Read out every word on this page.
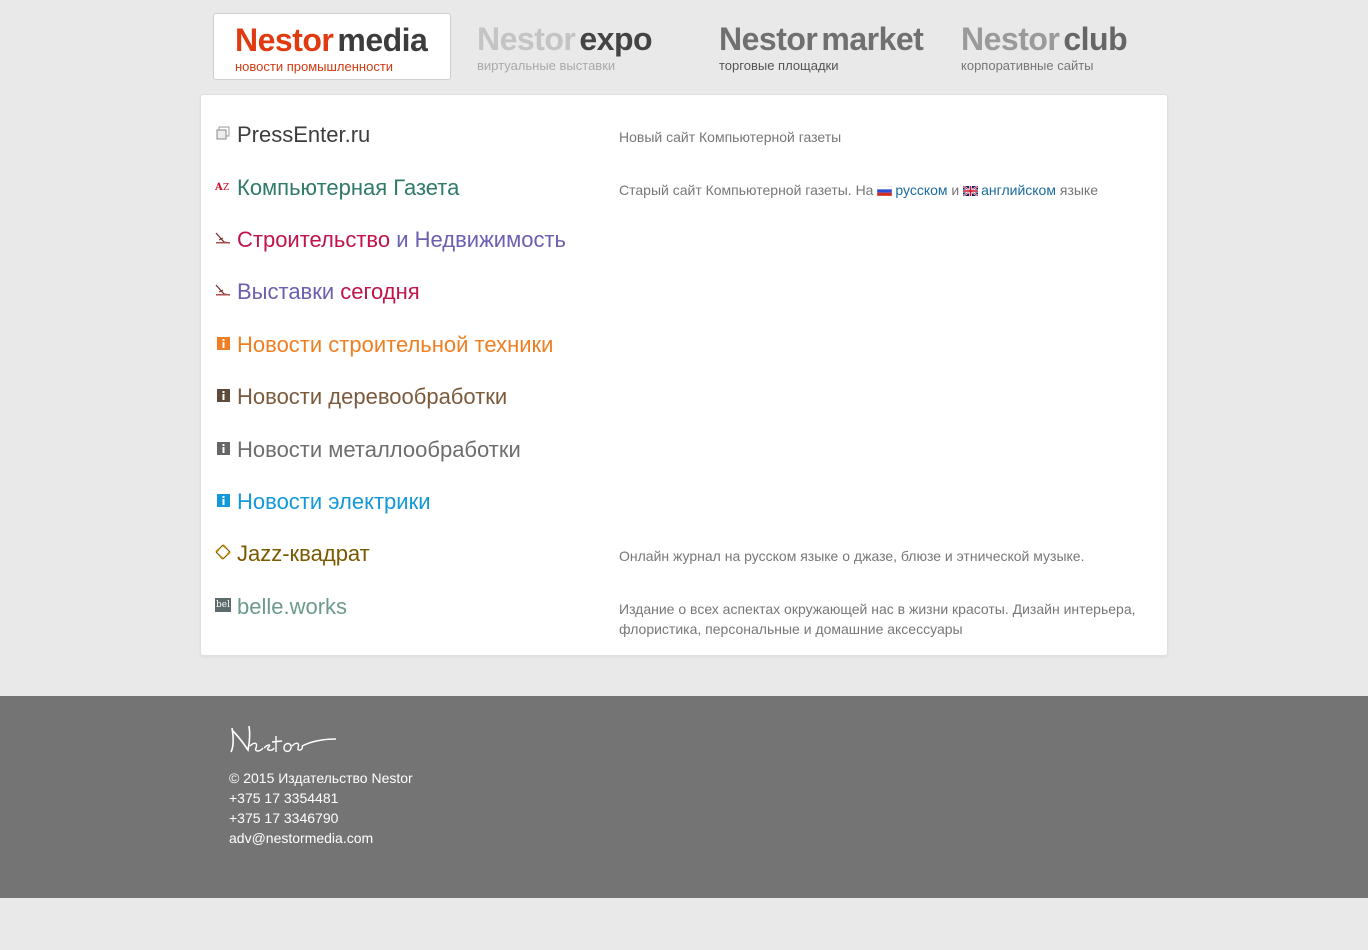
Nestor media
новости промышленности
Nestor expo
виртуальные выставки
Nestor market
торговые площадки
Nestor club
корпоративные сайты
PressEnter.ru	Новый сайт Компьютерной газеты
A Z Компьютерная Газета	Старый сайт Компьютерной газеты. На русском и английском языке
Строительство и Недвижимость
Выставки сегодня
Новости строительной техники
Новости деревообработки
Новости металлообработки
Новости электрики
Jazz-квадрат	Онлайн журнал на русском языке о джазе, блюзе и этнической музыке.
bel belle.works	Издание о всех аспектах окружающей нас в жизни красоты. Дизайн интерьера, флористика, персональные и домашние аксессуары
© 2015 Издательство Nestor
+375 17 3354481
+375 17 3346790
adv@nestormedia.com
